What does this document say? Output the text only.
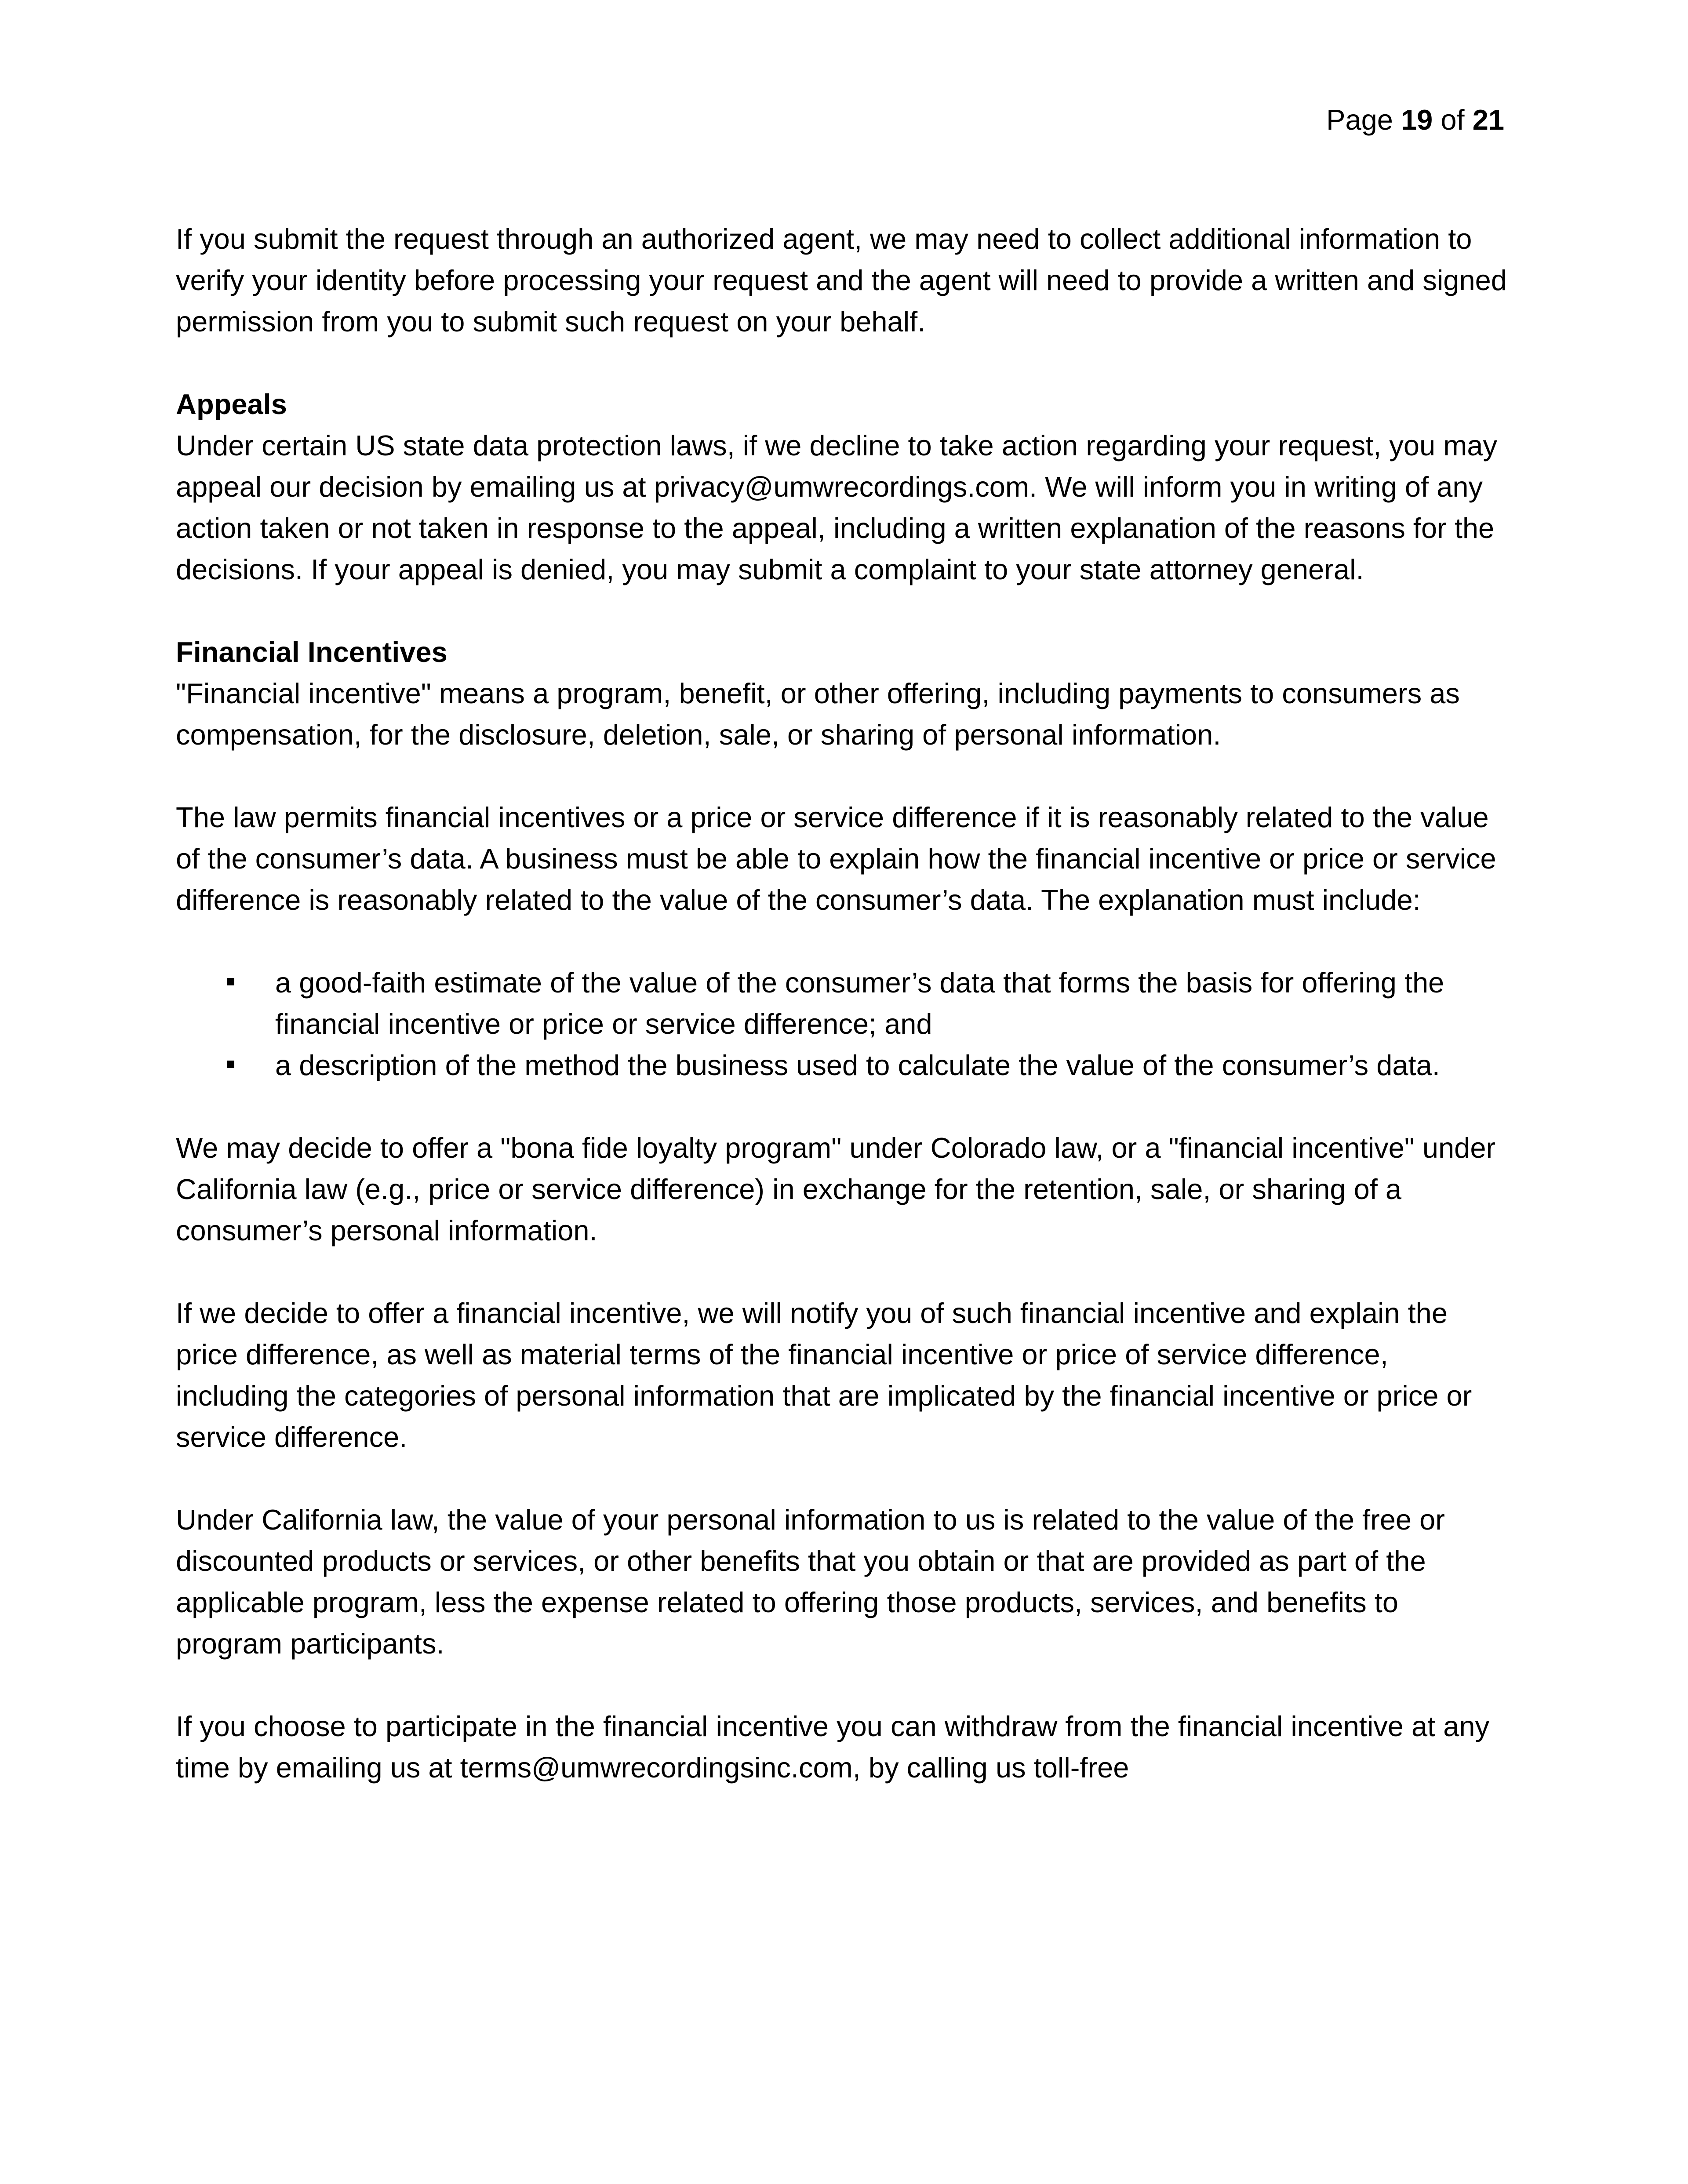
Page 19 of 21

If you submit the request through an authorized agent, we may need to collect additional information to verify your identity before processing your request and the agent will need to provide a written and signed permission from you to submit such request on your behalf.

Appeals

Under certain US state data protection laws, if we decline to take action regarding your request, you may appeal our decision by emailing us at privacy@umwrecordings.com. We will inform you in writing of any action taken or not taken in response to the appeal, including a written explanation of the reasons for the decisions. If your appeal is denied, you may submit a complaint to your state attorney general.

Financial Incentives

"Financial incentive" means a program, benefit, or other offering, including payments to consumers as compensation, for the disclosure, deletion, sale, or sharing of personal information.

The law permits financial incentives or a price or service difference if it is reasonably related to the value of the consumer’s data. A business must be able to explain how the financial incentive or price or service difference is reasonably related to the value of the consumer’s data. The explanation must include:

a good-faith estimate of the value of the consumer’s data that forms the basis for offering the financial incentive or price or service difference; and
a description of the method the business used to calculate the value of the consumer’s data.

We may decide to offer a "bona fide loyalty program" under Colorado law, or a "financial incentive" under California law (e.g., price or service difference) in exchange for the retention, sale, or sharing of a consumer’s personal information.

If we decide to offer a financial incentive, we will notify you of such financial incentive and explain the price difference, as well as material terms of the financial incentive or price of service difference, including the categories of personal information that are implicated by the financial incentive or price or service difference.

Under California law, the value of your personal information to us is related to the value of the free or discounted products or services, or other benefits that you obtain or that are provided as part of the applicable program, less the expense related to offering those products, services, and benefits to program participants.

If you choose to participate in the financial incentive you can withdraw from the financial incentive at any time by emailing us at terms@umwrecordingsinc.com, by calling us toll-free
